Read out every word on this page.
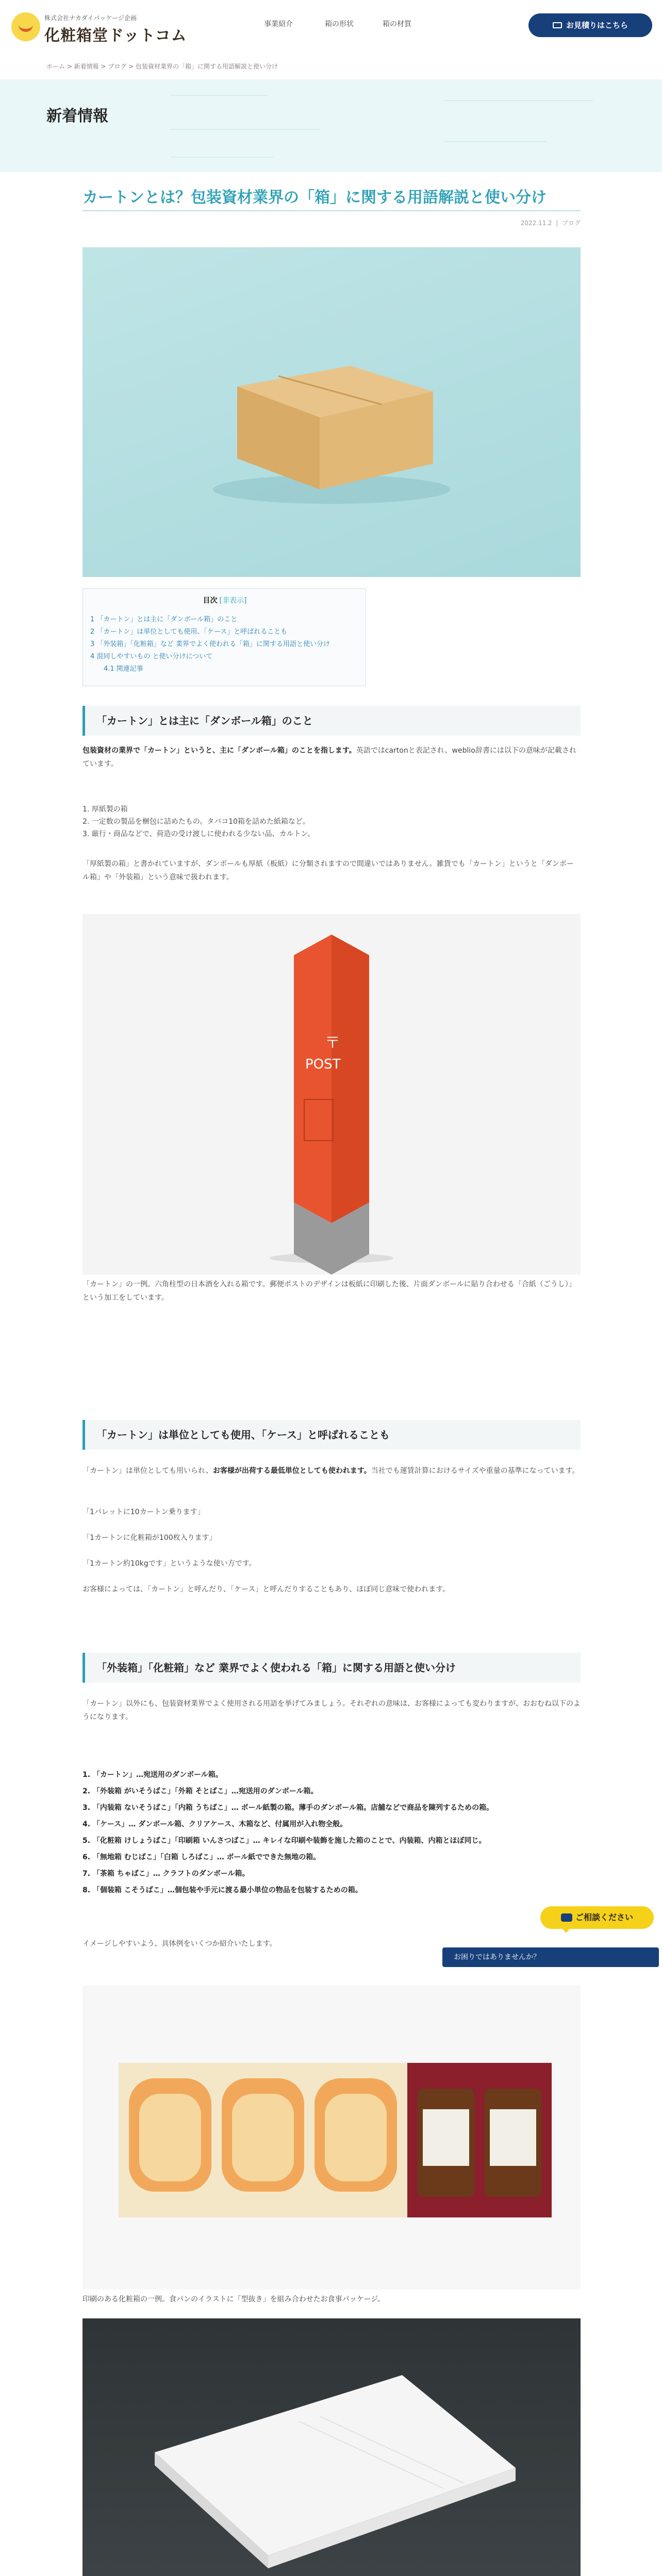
株式会社ナカダイパッケージ企画
化粧箱堂ドットコム
事業紹介	箱の形状	箱の材質	お見積りはこちら
ホーム > 新着情報 > ブログ > 包装資材業界の「箱」に関する用語解説と使い分け
新着情報
カートンとは？包装資材業界の「箱」に関する用語解説と使い分け
2022.11.2  |  ブログ
目次 [非表示]
1 「カートン」とは主に「ダンボール箱」のこと
2 「カートン」は単位としても使用、「ケース」と呼ばれることも
3 「外装箱」「化粧箱」など 業界でよく使われる「箱」に関する用語と使い分け
4 混同しやすいもの と使い分けについて
4.1 関連記事
「カートン」とは主に「ダンボール箱」のこと
包装資材の業界で「カートン」というと、主に「ダンボール箱」のことを指します。英語ではcartonと表記され、weblio辞書には以下の意味が記載されています。
1. 厚紙製の箱
2. 一定数の製品を梱包に詰めたもの。タバコ10箱を詰めた紙箱など。
3. 厳行・商品などで、荷造の受け渡しに使われる少ない品、カルトン。
「厚紙製の箱」と書かれていますが、ダンボールも厚紙（板紙）に分類されますので間違いではありません。雑貨でも「カートン」というと「ダンボール箱」や「外装箱」という意味で扱われます。
〒
POST
「カートン」の一例。六角柱型の日本酒を入れる箱です。郵便ポストのデザインは板紙に印刷した後、片面ダンボールに貼り合わせる「合紙（ごうし）」という加工をしています。
「カートン」は単位としても使用、「ケース」と呼ばれることも
「カートン」は単位としても用いられ、お客様が出荷する最低単位としても使われます。当社でも運賃計算におけるサイズや重量の基準になっています。
「1パレットに10カートン乗ります」
「1カートンに化粧箱が100枚入ります」
「1カートン約10kgです」というような使い方です。
お客様によっては、「カートン」と呼んだり、「ケース」と呼んだりすることもあり、ほぼ同じ意味で使われます。
「外装箱」「化粧箱」など 業界でよく使われる「箱」に関する用語と使い分け
「カートン」以外にも、包装資材業界でよく使用される用語を挙げてみましょう。それぞれの意味は、お客様によっても変わりますが、おおむね以下のようになります。
1. 「カートン」…宛送用のダンボール箱。
2. 「外装箱 がいそうばこ」「外箱 そとばこ」…宛送用のダンボール箱。
3. 「内装箱 ないそうばこ」「内箱 うちばこ」… ボール紙製の箱。薄手のダンボール箱。店舗などで商品を陳列するための箱。
4. 「ケース」… ダンボール箱、クリアケース、木箱など、付属用が入れ物全般。
5. 「化粧箱 けしょうばこ」「印刷箱 いんさつばこ」… キレイな印刷や装飾を施した箱のことで、内装箱、内箱とほぼ同じ。
6. 「無地箱 むじばこ」「白箱 しろばこ」… ボール紙でできた無地の箱。
7. 「茶箱 ちゃばこ」… クラフトのダンボール箱。
8. 「個装箱 こそうばこ」…個包装や手元に渡る最小単位の物品を包装するための箱。
イメージしやすいよう、具体例をいくつか紹介いたします。
印刷のある化粧箱の一例。食パンのイラストに「型抜き」を組み合わせたお食事パッケージ。
ご相談ください
お困りではありませんか？
